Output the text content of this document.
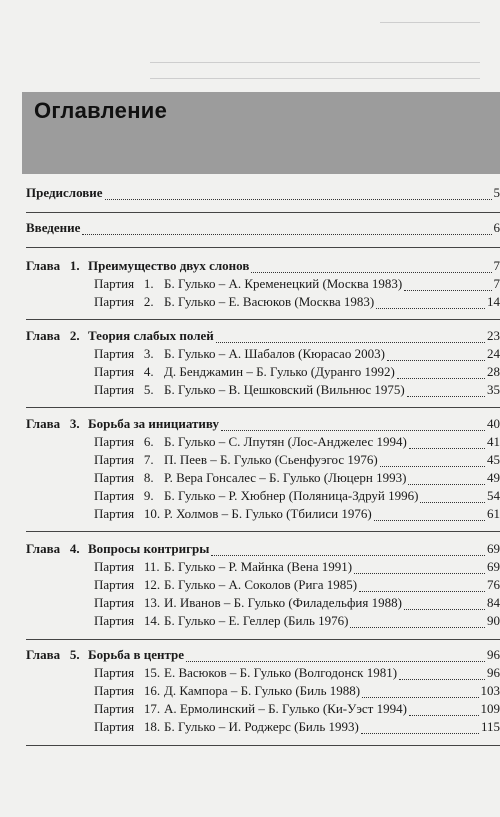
Оглавление
Предисловие	5
Введение	6
Глава 1. Преимущество двух слонов	7
Партия 1. Б. Гулько – А. Кременецкий (Москва 1983)	7
Партия 2. Б. Гулько – Е. Васюков (Москва 1983)	14
Глава 2. Теория слабых полей	23
Партия 3. Б. Гулько – А. Шабалов (Кюрасао 2003)	24
Партия 4. Д. Бенджамин – Б. Гулько (Дуранго 1992)	28
Партия 5. Б. Гулько – В. Цешковский (Вильнюс 1975)	35
Глава 3. Борьба за инициативу	40
Партия 6. Б. Гулько – С. Лпутян (Лос-Анджелес 1994)	41
Партия 7. П. Пеев – Б. Гулько (Сьенфуэгос 1976)	45
Партия 8. Р. Вера Гонсалес – Б. Гулько (Люцерн 1993)	49
Партия 9. Б. Гулько – Р. Хюбнер (Поляница-Здруй 1996)	54
Партия 10. Р. Холмов – Б. Гулько (Тбилиси 1976)	61
Глава 4. Вопросы контригры	69
Партия 11. Б. Гулько – Р. Майнка (Вена 1991)	69
Партия 12. Б. Гулько – А. Соколов (Рига 1985)	76
Партия 13. И. Иванов – Б. Гулько (Филадельфия 1988)	84
Партия 14. Б. Гулько – Е. Геллер (Биль 1976)	90
Глава 5. Борьба в центре	96
Партия 15. Е. Васюков – Б. Гулько (Волгодонск 1981)	96
Партия 16. Д. Кампора – Б. Гулько (Биль 1988)	103
Партия 17. А. Ермолинский – Б. Гулько (Ки-Уэст 1994)	109
Партия 18. Б. Гулько – И. Роджерс (Биль 1993)	115
